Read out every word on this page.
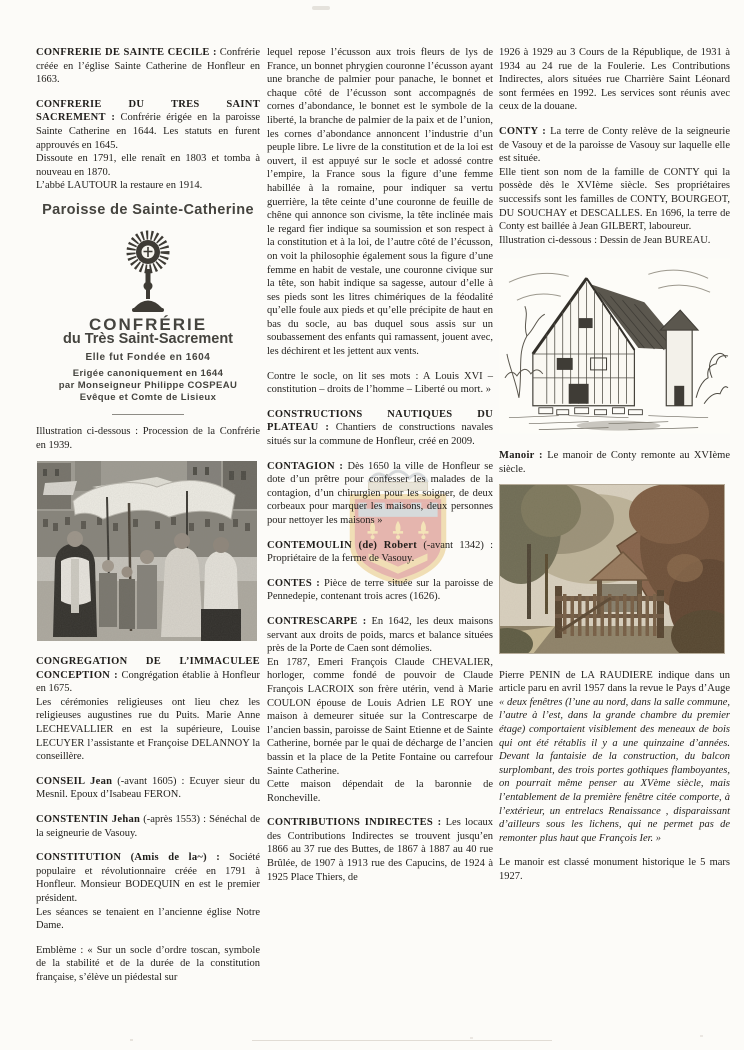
CONFRERIE DE SAINTE CECILE : Confrérie créée en l’église Sainte Catherine de Honfleur en 1663.

CONFRERIE DU TRES SAINT SACREMENT : Confrérie érigée en la paroisse Sainte Catherine en 1644. Les statuts en furent approuvés en 1645.

Dissoute en 1791, elle renaît en 1803 et tomba à nouveau en 1870.

L’abbé LAUTOUR la restaure en 1914.

Paroisse de Sainte-Catherine
CONFRÉRIE
du Très Saint-Sacrement
Elle fut Fondée en 1604
Erigée canoniquement en 1644
par Monseigneur Philippe COSPEAU
Evêque et Comte de Lisieux

Illustration ci-dessous : Procession de la Confrérie en 1939.

CONGREGATION DE L’IMMACULEE CONCEPTION : Congrégation établie à Honfleur en 1675.

Les cérémonies religieuses ont lieu chez les religieuses augustines rue du Puits. Marie Anne LECHEVALLIER en est la supérieure, Louise LECUYER l’assistante et Françoise DELANNOY la conseillère.

CONSEIL Jean (-avant 1605) : Ecuyer sieur du Mesnil. Epoux d’Isabeau FERON.

CONSTENTIN Jehan (-après 1553) : Sénéchal de la seigneurie de Vasouy.

CONSTITUTION (Amis de la~) : Société populaire et révolutionnaire créée en 1791 à Honfleur. Monsieur BODEQUIN en est le premier président.

Les séances se tenaient en l’ancienne église Notre Dame.

Emblème : « Sur un socle d’ordre toscan, symbole de la stabilité et de la durée de la constitution française, s’élève un piédestal sur

lequel repose l’écusson aux trois fleurs de lys de France, un bonnet phrygien couronne l’écusson ayant une branche de palmier pour panache, le bonnet et chaque côté de l’écusson sont accompagnés de cornes d’abondance, le bonnet est le symbole de la liberté, la branche de palmier de la paix et de l’union, les cornes d’abondance annoncent l’industrie d’un peuple libre. Le livre de la constitution et de la loi est ouvert, il est appuyé sur le socle et adossé contre l’empire, la France sous la figure d’une femme habillée à la romaine, pour indiquer sa vertu guerrière, la tête ceinte d’une couronne de feuille de chêne qui annonce son civisme, la tête inclinée mais le regard fier indique sa soumission et son respect à la constitution et à la loi, de l’autre côté de l’écusson, on voit la philosophie également sous la figure d’une femme en habit de vestale, une couronne civique sur la tête, son habit indique sa sagesse, autour d’elle à ses pieds sont les litres chimériques de la féodalité qu’elle foule aux pieds et qu’elle précipite de haut en bas du socle, au bas duquel sous assis sur un soubassement des enfants qui ramassent, jouent avec, les déchirent et les jettent aux vents.

Contre le socle, on lit ses mots : A Louis XVI – constitution – droits de l’homme – Liberté ou mort. »

CONSTRUCTIONS NAUTIQUES DU PLATEAU : Chantiers de constructions navales situés sur la commune de Honfleur, créé en 2009.

CONTAGION : Dès 1650 la ville de Honfleur se dote d’un prêtre pour confesser les malades de la contagion, d’un chirurgien pour les soigner, de deux corbeaux pour marquer les maisons, deux personnes pour nettoyer les maisons »

CONTEMOULIN (de) Robert (-avant 1342) : Propriétaire de la ferme de Vasouy.

CONTES : Pièce de terre située sur la paroisse de Pennedepie, contenant trois acres (1626).

CONTRESCARPE : En 1642, les deux maisons servant aux droits de poids, marcs et balance situées près de la Porte de Caen sont démolies.

En 1787, Emeri François Claude CHEVALIER, horloger, comme fondé de pouvoir de Claude François LACROIX son frère utérin, vend à Marie COULON épouse de Louis Adrien LE ROY une maison à demeurer située sur la Contrescarpe de l’ancien bassin, paroisse de Saint Etienne et de Sainte Catherine, bornée par le quai de décharge de l’ancien bassin et la place de la Petite Fontaine ou carrefour Sainte Catherine.

Cette maison dépendait de la baronnie de Roncheville.

CONTRIBUTIONS INDIRECTES : Les locaux des Contributions Indirectes se trouvent jusqu’en 1866 au 37 rue des Buttes, de 1867 à 1887 au 40 rue Brûlée, de 1907 à 1913 rue des Capucins, de 1924 à 1925 Place Thiers, de

1926 à 1929 au 3 Cours de la République, de 1931 à 1934 au 24 rue de la Foulerie. Les Contributions Indirectes, alors situées rue Charrière Saint Léonard sont fermées en 1992. Les services sont réunis avec ceux de la douane.

CONTY : La terre de Conty relève de la seigneurie de Vasouy et de la paroisse de Vasouy sur laquelle elle est située.

Elle tient son nom de la famille de CONTY qui la possède dès le XVIème siècle. Ses propriétaires successifs sont les familles de CONTY, BOURGEOT, DU SOUCHAY et DESCALLES. En 1696, la terre de Conty est baillée à Jean GILBERT, laboureur.

Illustration ci-dessous : Dessin de Jean BUREAU.

Manoir : Le manoir de Conty remonte au XVIème siècle.

Pierre PENIN de LA RAUDIERE indique dans un article paru en avril 1957 dans la revue le Pays d’Auge « deux fenêtres (l’une au nord, dans la salle commune, l’autre à l’est, dans la grande chambre du premier étage) comportaient visiblement des meneaux de bois qui ont été rétablis il y a une quinzaine d’années. Devant la fantaisie de la construction, du balcon surplombant, des trois portes gothiques flamboyantes, on pourrait même penser au XVème siècle, mais l’entablement de la première fenêtre citée comporte, à l’extérieur, un entrelacs Renaissance , disparaissant d’ailleurs sous les lichens, qui ne permet pas de remonter plus haut que François Ier. »

Le manoir est classé monument historique le 5 mars 1927.
